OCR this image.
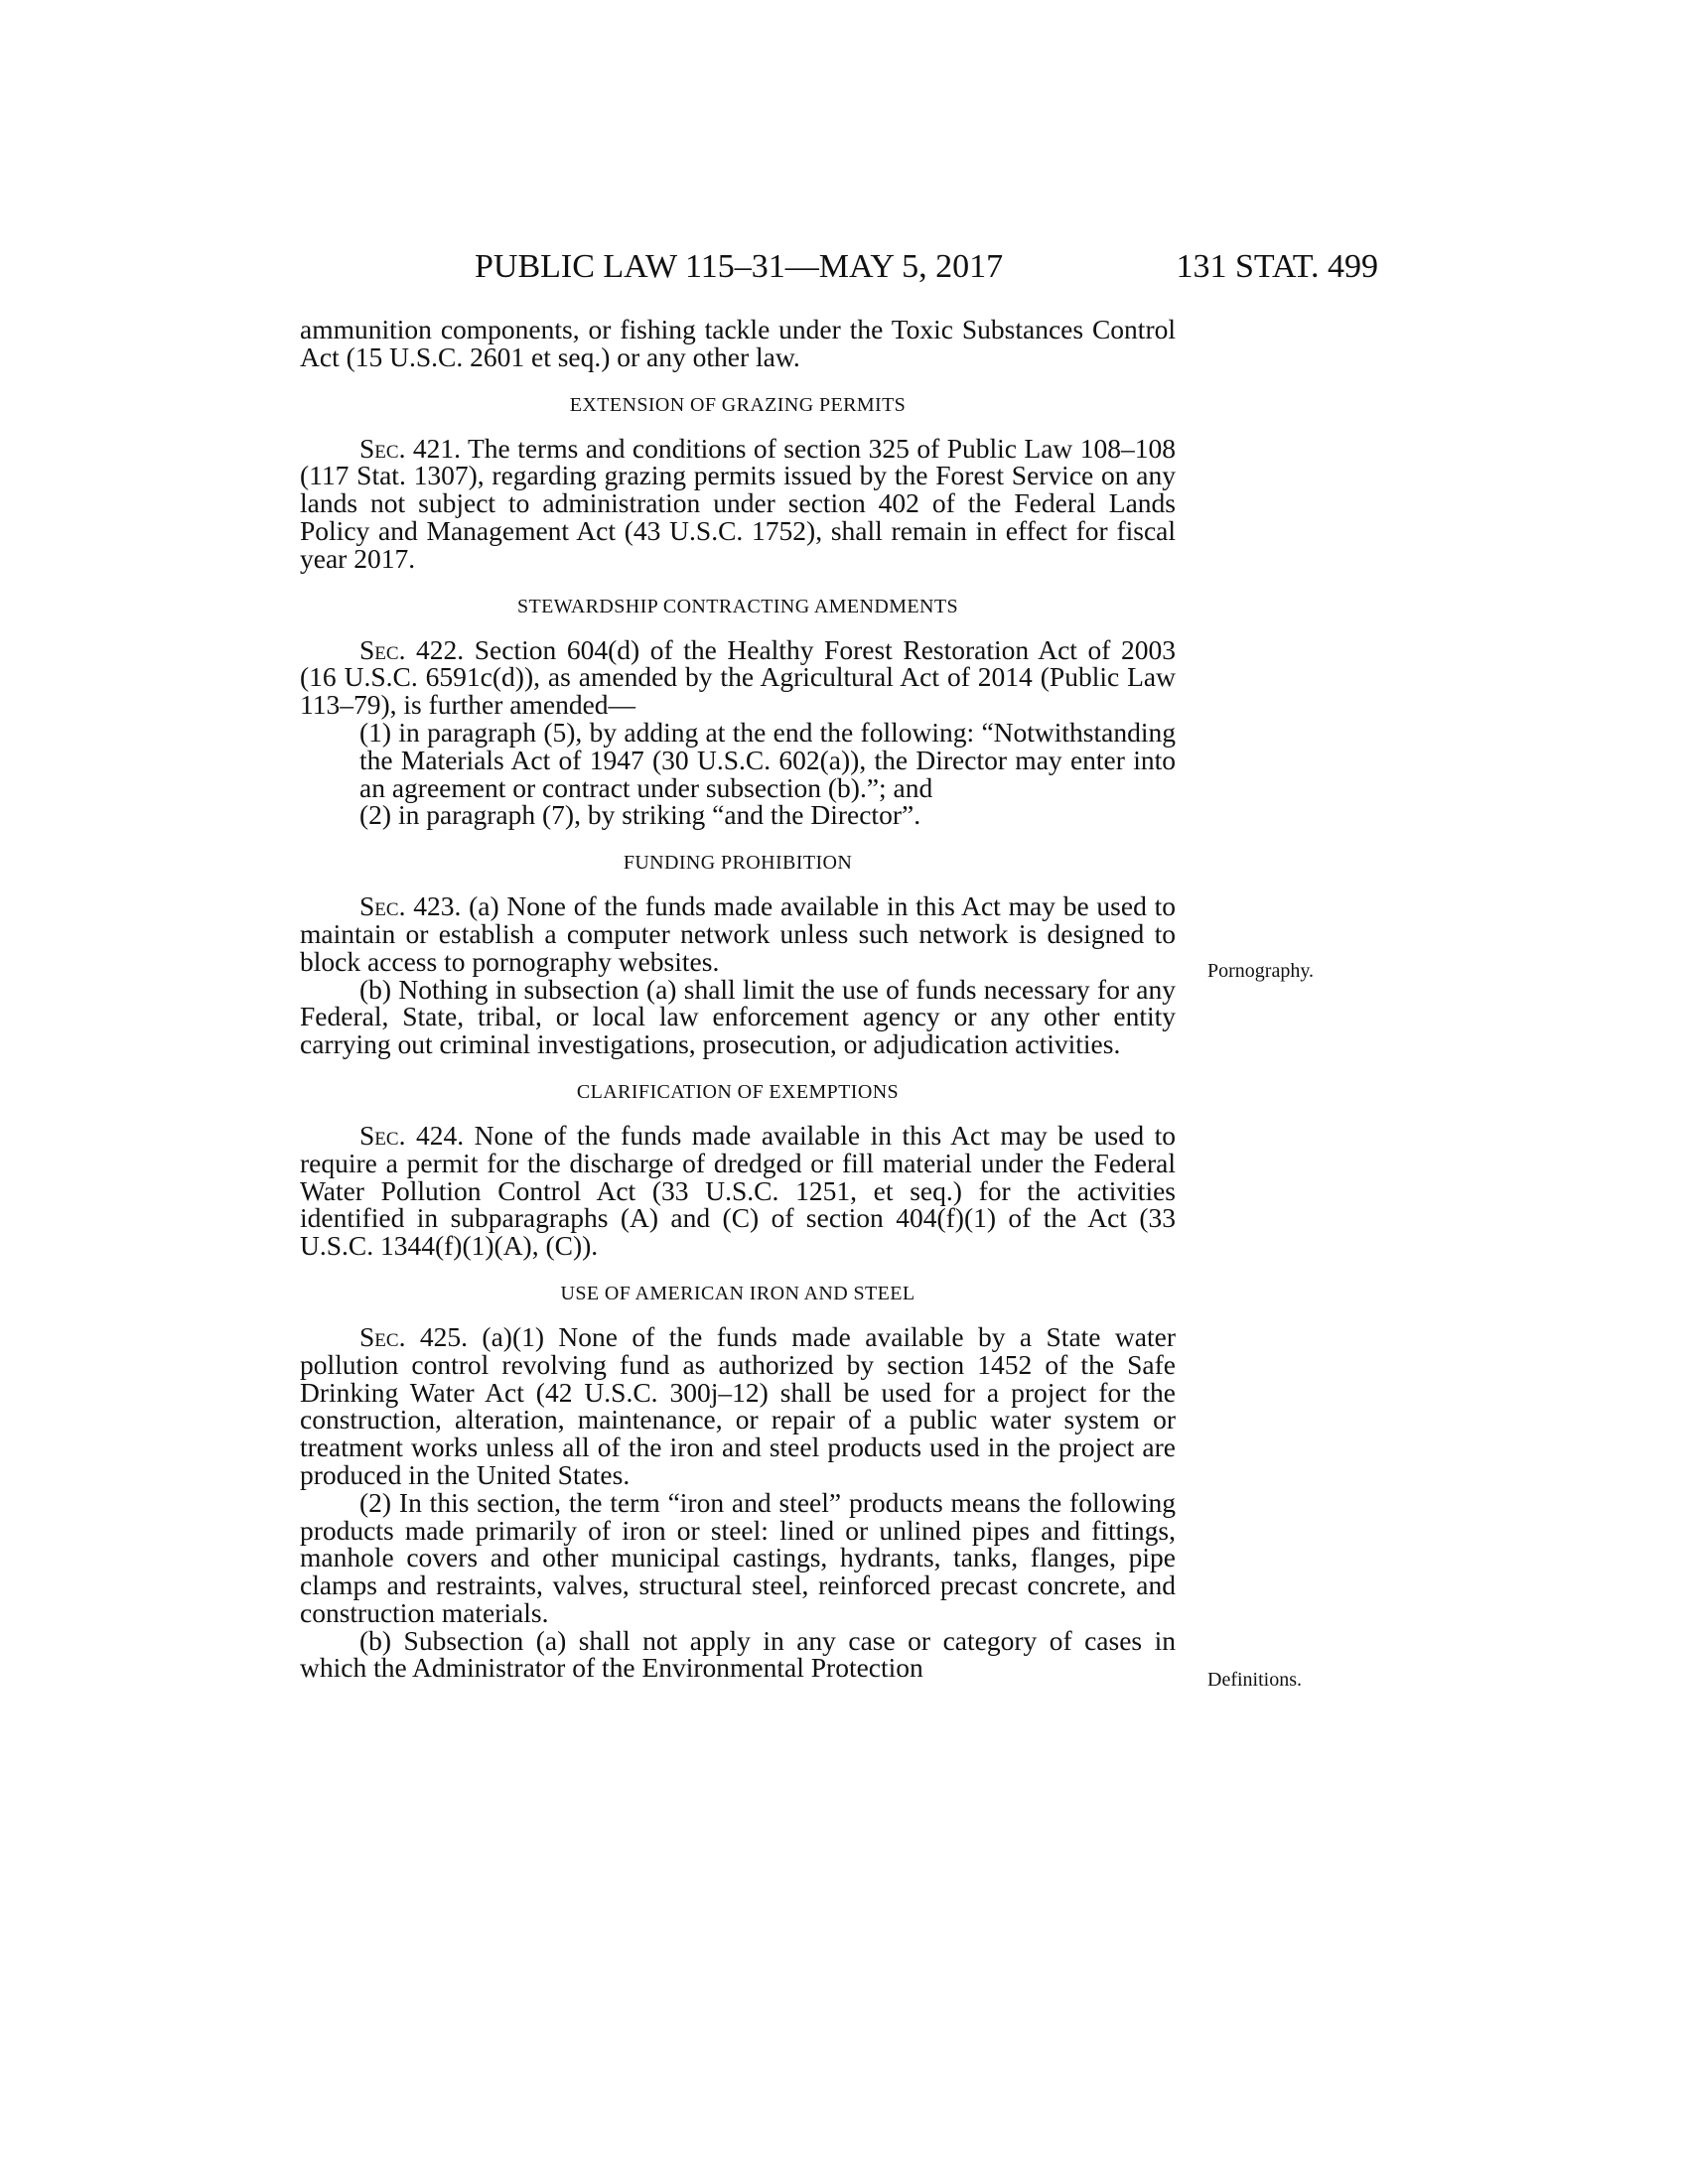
PUBLIC LAW 115–31—MAY 5, 2017	131 STAT. 499

ammunition components, or fishing tackle under the Toxic Substances Control Act (15 U.S.C. 2601 et seq.) or any other law.

EXTENSION OF GRAZING PERMITS

Sec. 421. The terms and conditions of section 325 of Public Law 108–108 (117 Stat. 1307), regarding grazing permits issued by the Forest Service on any lands not subject to administration under section 402 of the Federal Lands Policy and Management Act (43 U.S.C. 1752), shall remain in effect for fiscal year 2017.

STEWARDSHIP CONTRACTING AMENDMENTS

Sec. 422. Section 604(d) of the Healthy Forest Restoration Act of 2003 (16 U.S.C. 6591c(d)), as amended by the Agricultural Act of 2014 (Public Law 113–79), is further amended—

(1) in paragraph (5), by adding at the end the following: “Notwithstanding the Materials Act of 1947 (30 U.S.C. 602(a)), the Director may enter into an agreement or contract under subsection (b).”; and

(2) in paragraph (7), by striking “and the Director”.

FUNDING PROHIBITION

Sec. 423. (a) None of the funds made available in this Act may be used to maintain or establish a computer network unless such network is designed to block access to pornography websites.

(b) Nothing in subsection (a) shall limit the use of funds necessary for any Federal, State, tribal, or local law enforcement agency or any other entity carrying out criminal investigations, prosecution, or adjudication activities.

CLARIFICATION OF EXEMPTIONS

Sec. 424. None of the funds made available in this Act may be used to require a permit for the discharge of dredged or fill material under the Federal Water Pollution Control Act (33 U.S.C. 1251, et seq.) for the activities identified in subparagraphs (A) and (C) of section 404(f)(1) of the Act (33 U.S.C. 1344(f)(1)(A), (C)).

USE OF AMERICAN IRON AND STEEL

Sec. 425. (a)(1) None of the funds made available by a State water pollution control revolving fund as authorized by section 1452 of the Safe Drinking Water Act (42 U.S.C. 300j–12) shall be used for a project for the construction, alteration, maintenance, or repair of a public water system or treatment works unless all of the iron and steel products used in the project are produced in the United States.

(2) In this section, the term “iron and steel” products means the following products made primarily of iron or steel: lined or unlined pipes and fittings, manhole covers and other municipal castings, hydrants, tanks, flanges, pipe clamps and restraints, valves, structural steel, reinforced precast concrete, and construction materials.

(b) Subsection (a) shall not apply in any case or category of cases in which the Administrator of the Environmental Protection

Pornography.
Definitions.
